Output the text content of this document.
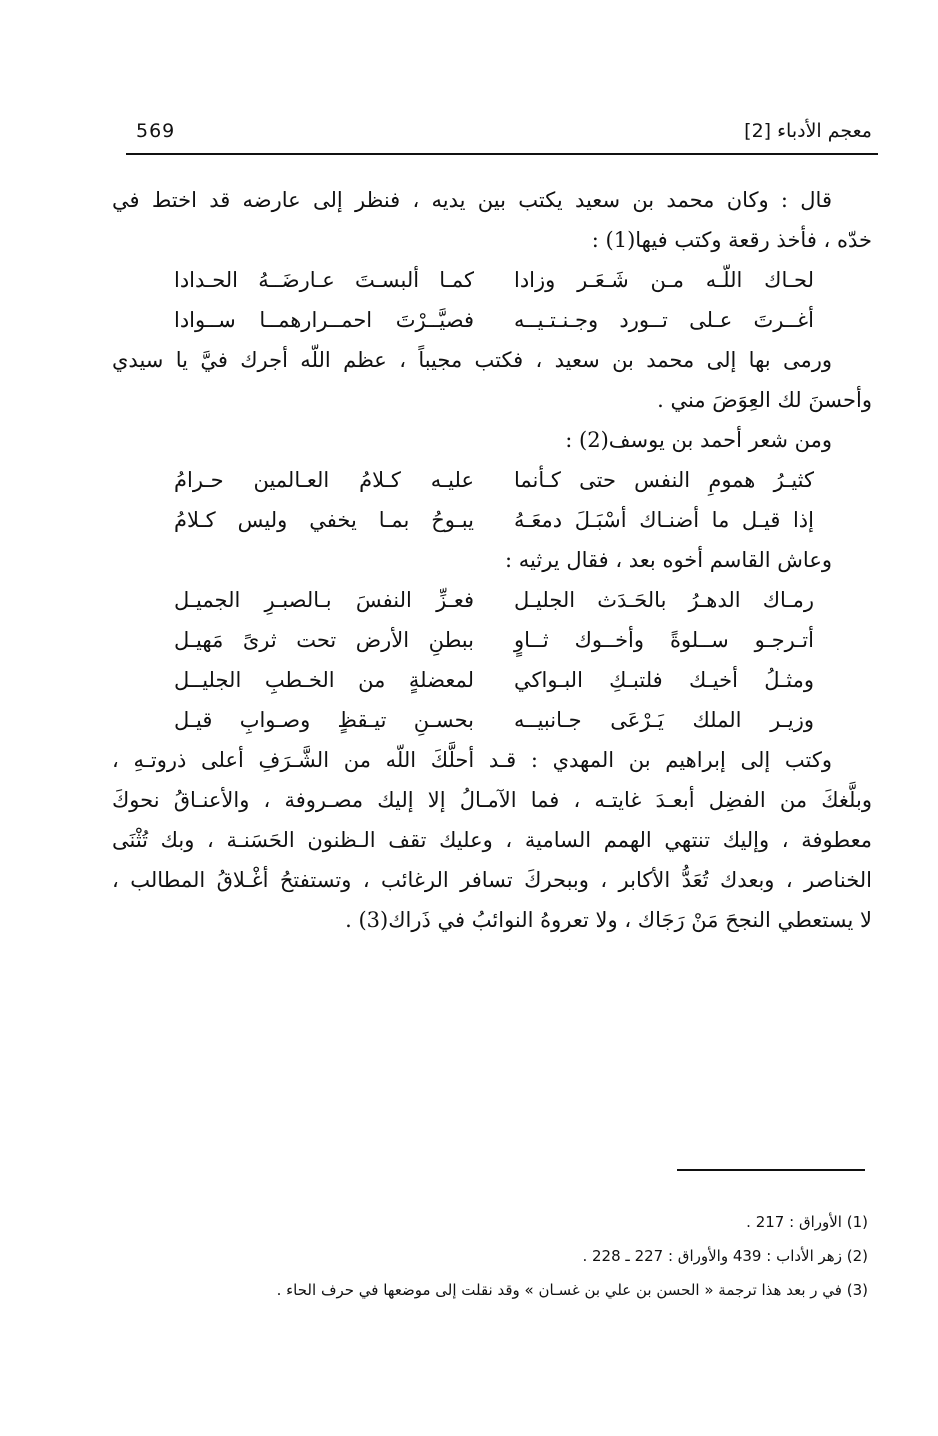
569	معجم الأدباء [2]
قال : وكان محمد بن سعيد يكتب بين يديه ، فنظر إلى عارضه قد اختط في
خدّه ، فأخذ رقعة وكتب فيها(1) :
لحـاك اللّـه مـن شَـعَـر وزادا
كمـا ألبسـتَ عـارضَــهُ الحـدادا
أغــرتَ عـلى تــورد وجـنـتـيــه
فصيَّــرْتَ احمــرارهمــا ســوادا
ورمى بها إلى محمد بن سعيد ، فكتب مجيباً ، عظم اللّه أجرك فيَّ يا سيدي
وأحسنَ لك العِوَضَ مني .
ومن شعر أحمد بن يوسف(2) :
كثيـرُ همومِ النفس حتى كـأنما
عليـه كـلامُ العـالمين حـرامُ
إذا قيـل ما أضنـاك أسْبَـلَ دمعَـهُ
يبـوحُ بمـا يخفي وليس كـلامُ
وعاش القاسم أخوه بعد ، فقال يرثيه :
رمـاك الدهـرُ بالحَـدَث الجليـل
فعـزِّ النفسَ بـالصبـرِ الجميـل
أتـرجـو ســلوةً وأخــوك ثــاوٍ
ببطنِ الأرض تحت ثرىً مَهيـل
ومثـلُ أخيـك فلتبـكِ البـواكي
لمعضلةٍ من الخـطبِ الجليــل
وزيـر الملك يَـرْعَى جـانبيــه
بحسـنِ تيـقظٍ وصـوابِ قيـل
وكتب إلى إبراهيم بن المهدي : قـد أحلَّكَ اللّه من الشَّـرَفِ أعلى ذروتـهِ ،
وبلَّغكَ من الفضِل أبعـدَ غايتـه ، فما الآمـالُ إلا إليك مصـروفة ، والأعنـاقُ نحوكَ
معطوفة ، وإليك تنتهي الهمم السامية ، وعليك تقف الـظنون الحَسَنـة ، وبك تُثْنَى
الخناصر ، وبعدك تُعَدُّ الأكابر ، وببحركَ تسافر الرغائب ، وتستفتحُ أغْـلاقُ المطالب ،
لا يستعطي النجحَ مَنْ رَجَاك ، ولا تعروهُ النوائبُ في ذَراك(3) .
(1) الأوراق : 217 .
(2) زهر الأداب : 439 والأوراق : 227 ـ 228 .
(3) في ر بعد هذا ترجمة « الحسن بن علي بن غسـان » وقد نقلت إلى موضعها في حرف الحاء .
